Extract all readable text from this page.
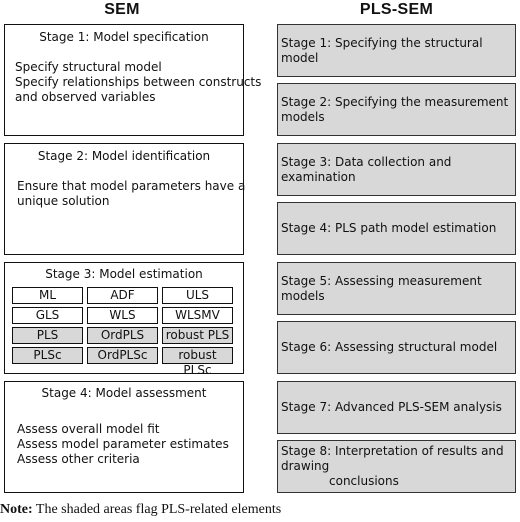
SEM	PLS-SEM
Stage 1: Model specification
Specify structural model
Specify relationships between constructs
and observed variables
Stage 2: Model identification
Ensure that model parameters have a
unique solution
Stage 3: Model estimation
ML	ADF	ULS
GLS	WLS	WLSMV
PLS	OrdPLS	robust PLS
PLSc	OrdPLSc	robust PLSc
Stage 4: Model assessment
Assess overall model fit
Assess model parameter estimates
Assess other criteria
Stage 1: Specifying the structural model
Stage 2: Specifying the measurement models
Stage 3: Data collection and examination
Stage 4: PLS path model estimation
Stage 5: Assessing measurement models
Stage 6: Assessing structural model
Stage 7: Advanced PLS-SEM analysis
Stage 8: Interpretation of results and drawing
conclusions
Note: The shaded areas flag PLS-related elements
